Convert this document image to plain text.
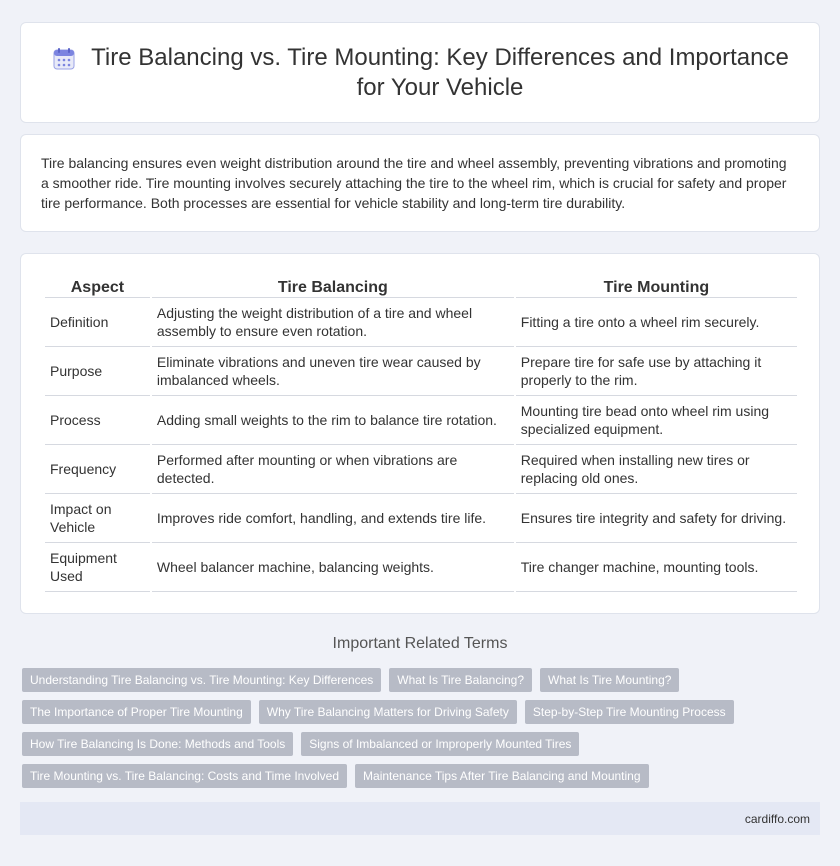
Tire Balancing vs. Tire Mounting: Key Differences and Importance for Your Vehicle

Tire balancing ensures even weight distribution around the tire and wheel assembly, preventing vibrations and promoting a smoother ride. Tire mounting involves securely attaching the tire to the wheel rim, which is crucial for safety and proper tire performance. Both processes are essential for vehicle stability and long-term tire durability.

Aspect	Tire Balancing	Tire Mounting
Definition	Adjusting the weight distribution of a tire and wheel assembly to ensure even rotation.	Fitting a tire onto a wheel rim securely.
Purpose	Eliminate vibrations and uneven tire wear caused by imbalanced wheels.	Prepare tire for safe use by attaching it properly to the rim.
Process	Adding small weights to the rim to balance tire rotation.	Mounting tire bead onto wheel rim using specialized equipment.
Frequency	Performed after mounting or when vibrations are detected.	Required when installing new tires or replacing old ones.
Impact on Vehicle	Improves ride comfort, handling, and extends tire life.	Ensures tire integrity and safety for driving.
Equipment Used	Wheel balancer machine, balancing weights.	Tire changer machine, mounting tools.
Important Related Terms
Understanding Tire Balancing vs. Tire Mounting: Key Differences	What Is Tire Balancing?	What Is Tire Mounting?
The Importance of Proper Tire Mounting	Why Tire Balancing Matters for Driving Safety	Step-by-Step Tire Mounting Process
How Tire Balancing Is Done: Methods and Tools	Signs of Imbalanced or Improperly Mounted Tires
Tire Mounting vs. Tire Balancing: Costs and Time Involved	Maintenance Tips After Tire Balancing and Mounting
cardiffo.com
